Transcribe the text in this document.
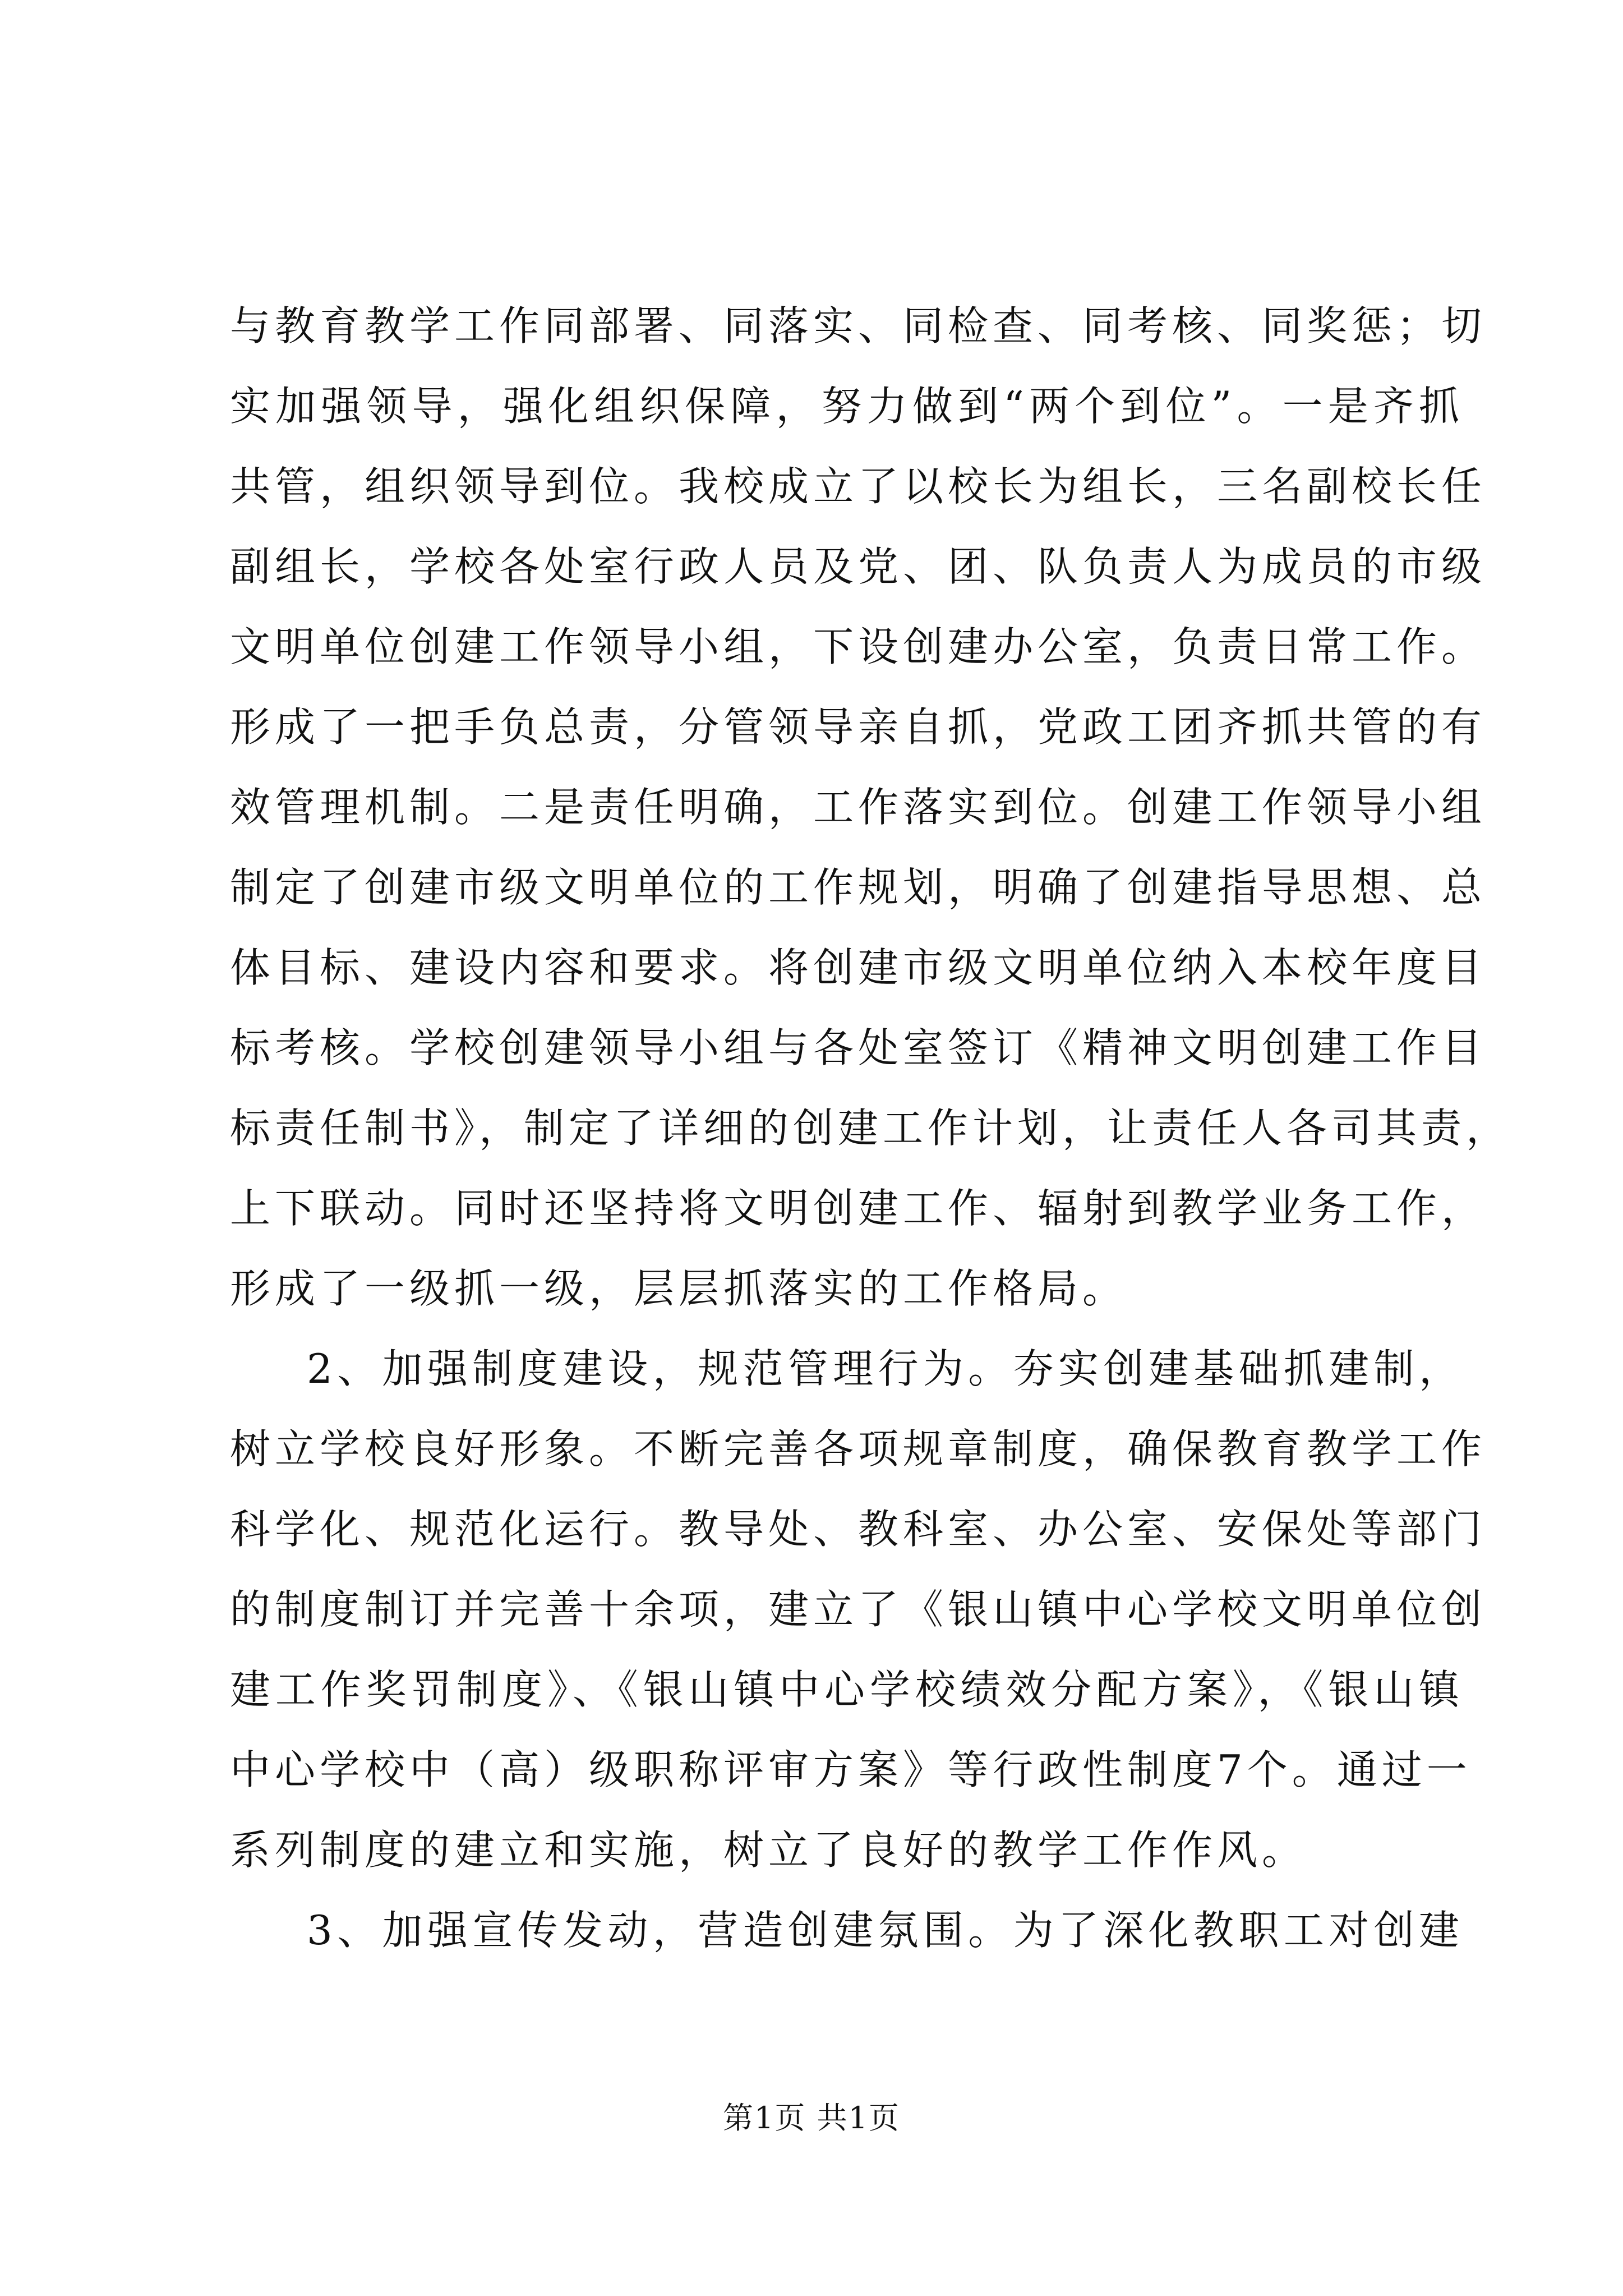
与教育教学工作同部署、同落实、同检查、同考核、同奖惩；切
实加强领导，强化组织保障，努力做到“两个到位”。一是齐抓
共管，组织领导到位。我校成立了以校长为组长，三名副校长任
副组长，学校各处室行政人员及党、团、队负责人为成员的市级
文明单位创建工作领导小组，下设创建办公室，负责日常工作。
形成了一把手负总责，分管领导亲自抓，党政工团齐抓共管的有
效管理机制。二是责任明确，工作落实到位。创建工作领导小组
制定了创建市级文明单位的工作规划，明确了创建指导思想、总
体目标、建设内容和要求。将创建市级文明单位纳入本校年度目
标考核。学校创建领导小组与各处室签订《精神文明创建工作目
标责任制书》，制定了详细的创建工作计划，让责任人各司其责，
上下联动。同时还坚持将文明创建工作、辐射到教学业务工作，
形成了一级抓一级，层层抓落实的工作格局。
2、加强制度建设，规范管理行为。夯实创建基础抓建制，
树立学校良好形象。不断完善各项规章制度，确保教育教学工作
科学化、规范化运行。教导处、教科室、办公室、安保处等部门
的制度制订并完善十余项，建立了《银山镇中心学校文明单位创
建工作奖罚制度》、《银山镇中心学校绩效分配方案》，《银山镇
中心学校中（高）级职称评审方案》等行政性制度7个。通过一
系列制度的建立和实施，树立了良好的教学工作作风。
3、加强宣传发动，营造创建氛围。为了深化教职工对创建
第1页 共1页
